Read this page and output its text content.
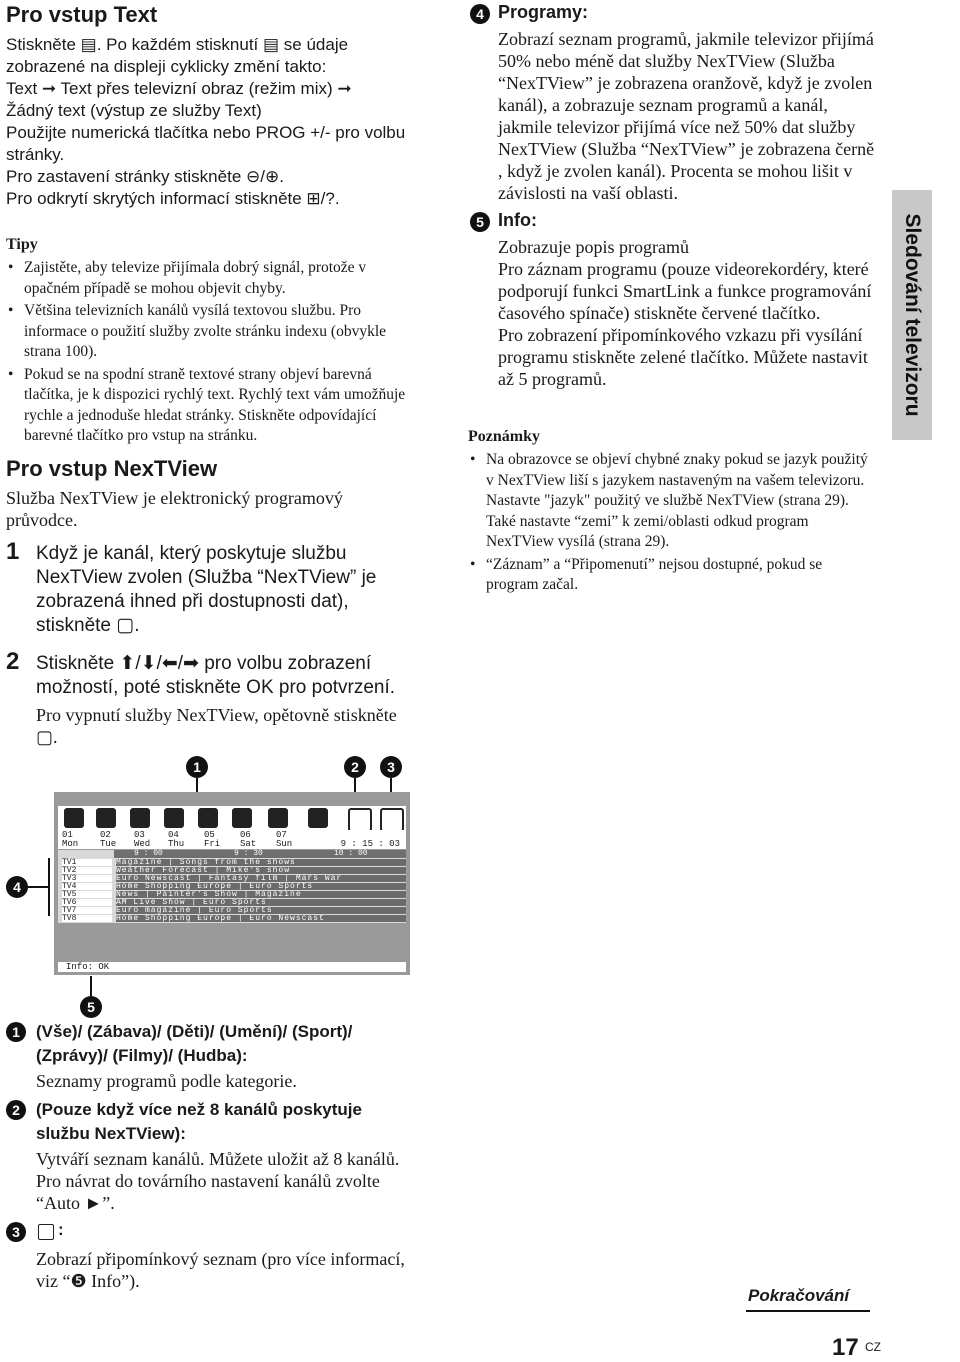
Pro vstup Text
Stiskněte ▤. Po každém stisknutí ▤ se údaje zobrazené na displeji cyklicky změní takto:
Text ➞ Text přes televizní obraz (režim mix) ➞
Žádný text (výstup ze služby Text)
Použijte numerická tlačítka nebo PROG +/- pro volbu stránky.
Pro zastavení stránky stiskněte ⊖/⊕.
Pro odkrytí skrytých informací stiskněte ⊞/?.
Tipy
• Zajistěte, aby televize přijímala dobrý signál, protože v opačném případě se mohou objevit chyby.
• Většina televizních kanálů vysílá textovou službu. Pro informace o použití služby zvolte stránku indexu (obvykle strana 100).
• Pokud se na spodní straně textové strany objeví barevná tlačítka, je k dispozici rychlý text. Rychlý text vám umožňuje rychle a jednoduše hledat stránky. Stiskněte odpovídající barevné tlačítko pro vstup na stránku.
Pro vstup NexTView
Služba NexTView je elektronický programový průvodce.
1 Když je kanál, který poskytuje službu NexTView zvolen (Služba “NexTView” je zobrazená ihned při dostupnosti dat), stiskněte ▢.
2 Stiskněte ⬆/⬇/⬅/➡ pro volbu zobrazení možností, poté stiskněte OK pro potvrzení.
Pro vypnutí služby NexTView, opětovně stiskněte ▢.
1	2	3
4
5
01	02	03	04	05	06	07
Mon Tue Wed Thu Fri Sat Sun	9 : 15 : 03
9 : 00	9 : 30	10 : 00
TV1	Magazine | Songs from the shows
TV2	Weather Forecast | Mike's show
TV3	Euro Newscast | Fantasy film | Mars War
TV4	Home Shopping Europe | Euro Sports
TV5	News | Painter's Show | Magazine
TV6	AM Live Show | Euro Sports
TV7	Euro magazine | Euro Sports
TV8	Home Shopping Europe | Euro Newscast
Info: OK
1 (Vše)/ (Zábava)/ (Děti)/ (Umění)/ (Sport)/ (Zprávy)/ (Filmy)/ (Hudba):
Seznamy programů podle kategorie.
2 (Pouze když více než 8 kanálů poskytuje službu NexTView):
Vytváří seznam kanálů. Můžete uložit až 8 kanálů. Pro návrat do továrního nastavení kanálů zvolte “Auto ►”.
3 :
Zobrazí připomínkový seznam (pro více informací, viz “❺ Info”).
4 Programy:
Zobrazí seznam programů, jakmile televizor přijímá 50% nebo méně dat služby NexTView (Služba “NexTView” je zobrazena oranžově, když je zvolen kanál), a zobrazuje seznam programů a kanál, jakmile televizor přijímá více než 50% dat služby NexTView (Služba “NexTView” je zobrazena černě , když je zvolen kanál). Procenta se mohou lišit v závislosti na vaší oblasti.
5 Info:
Zobrazuje popis programů
Pro záznam programu (pouze videorekordéry, které podporují funkci SmartLink a funkce programování časového spínače) stiskněte červené tlačítko.
Pro zobrazení připomínkového vzkazu při vysílání programu stiskněte zelené tlačítko. Můžete nastavit až 5 programů.
Poznámky
• Na obrazovce se objeví chybné znaky pokud se jazyk použitý v NexTView liší s jazykem nastaveným na vašem televizoru. Nastavte "jazyk" použitý ve službě NexTView (strana 29). Také nastavte “zemi” k zemi/oblasti odkud program NexTView vysílá (strana 29).
• “Záznam” a “Připomenutí” nejsou dostupné, pokud se program začal.
Sledování televizoru
Pokračování
17 CZ
